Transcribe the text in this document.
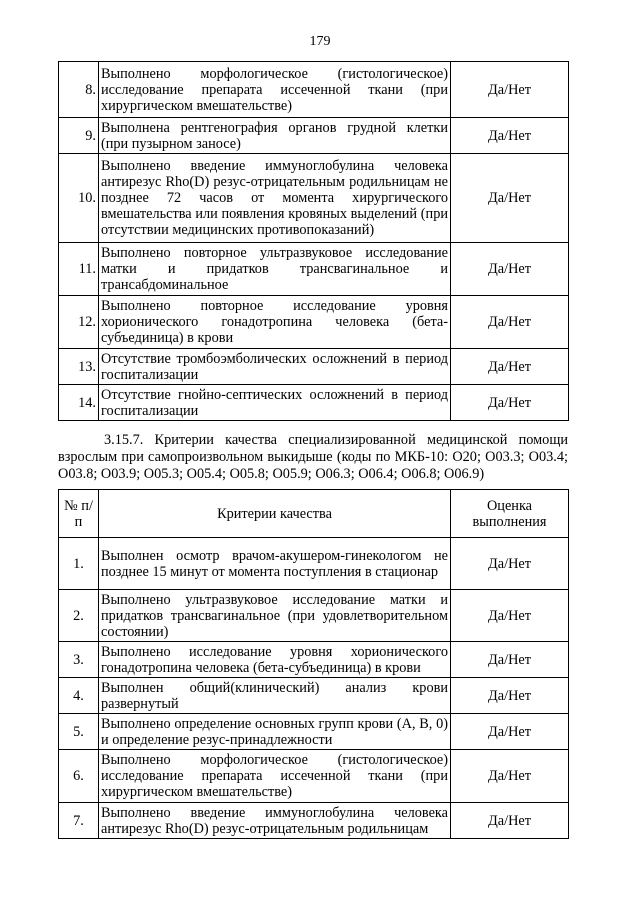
179
8.	Выполнено морфологическое (гистологическое) исследование препарата иссеченной ткани (при хирургическом вмешательстве)	Да/Нет
9.	Выполнена рентгенография органов грудной клетки (при пузырном заносе)	Да/Нет
10.	Выполнено введение иммуноглобулина человека антирезус Rho(D) резус-отрицательным родильницам не позднее 72 часов от момента хирургического вмешательства или появления кровяных выделений (при отсутствии медицинских противопоказаний)	Да/Нет
11.	Выполнено повторное ультразвуковое исследование матки и придатков трансвагинальное и трансабдоминальное	Да/Нет
12.	Выполнено повторное исследование уровня хорионического гонадотропина человека (бета-субъединица) в крови	Да/Нет
13.	Отсутствие тромбоэмболических осложнений в период госпитализации	Да/Нет
14.	Отсутствие гнойно-септических осложнений в период госпитализации	Да/Нет

3.15.7. Критерии качества специализированной медицинской помощи взрослым при самопроизвольном выкидыше (коды по МКБ-10: O20; O03.3; O03.4; O03.8; O03.9; O05.3; O05.4; O05.8; O05.9; O06.3; O06.4; O06.8; O06.9)

№ п/п	Критерии качества	Оценка выполнения
1.	Выполнен осмотр врачом-акушером-гинекологом не позднее 15 минут от момента поступления в стационар	Да/Нет
2.	Выполнено ультразвуковое исследование матки и придатков трансвагинальное (при удовлетворительном состоянии)	Да/Нет
3.	Выполнено исследование уровня хорионического гонадотропина человека (бета-субъединица) в крови	Да/Нет
4.	Выполнен общий(клинический) анализ крови развернутый	Да/Нет
5.	Выполнено определение основных групп крови (А, В, 0) и определение резус-принадлежности	Да/Нет
6.	Выполнено морфологическое (гистологическое) исследование препарата иссеченной ткани (при хирургическом вмешательстве)	Да/Нет
7.	Выполнено введение иммуноглобулина человека антирезус Rho(D) резус-отрицательным родильницам	Да/Нет
